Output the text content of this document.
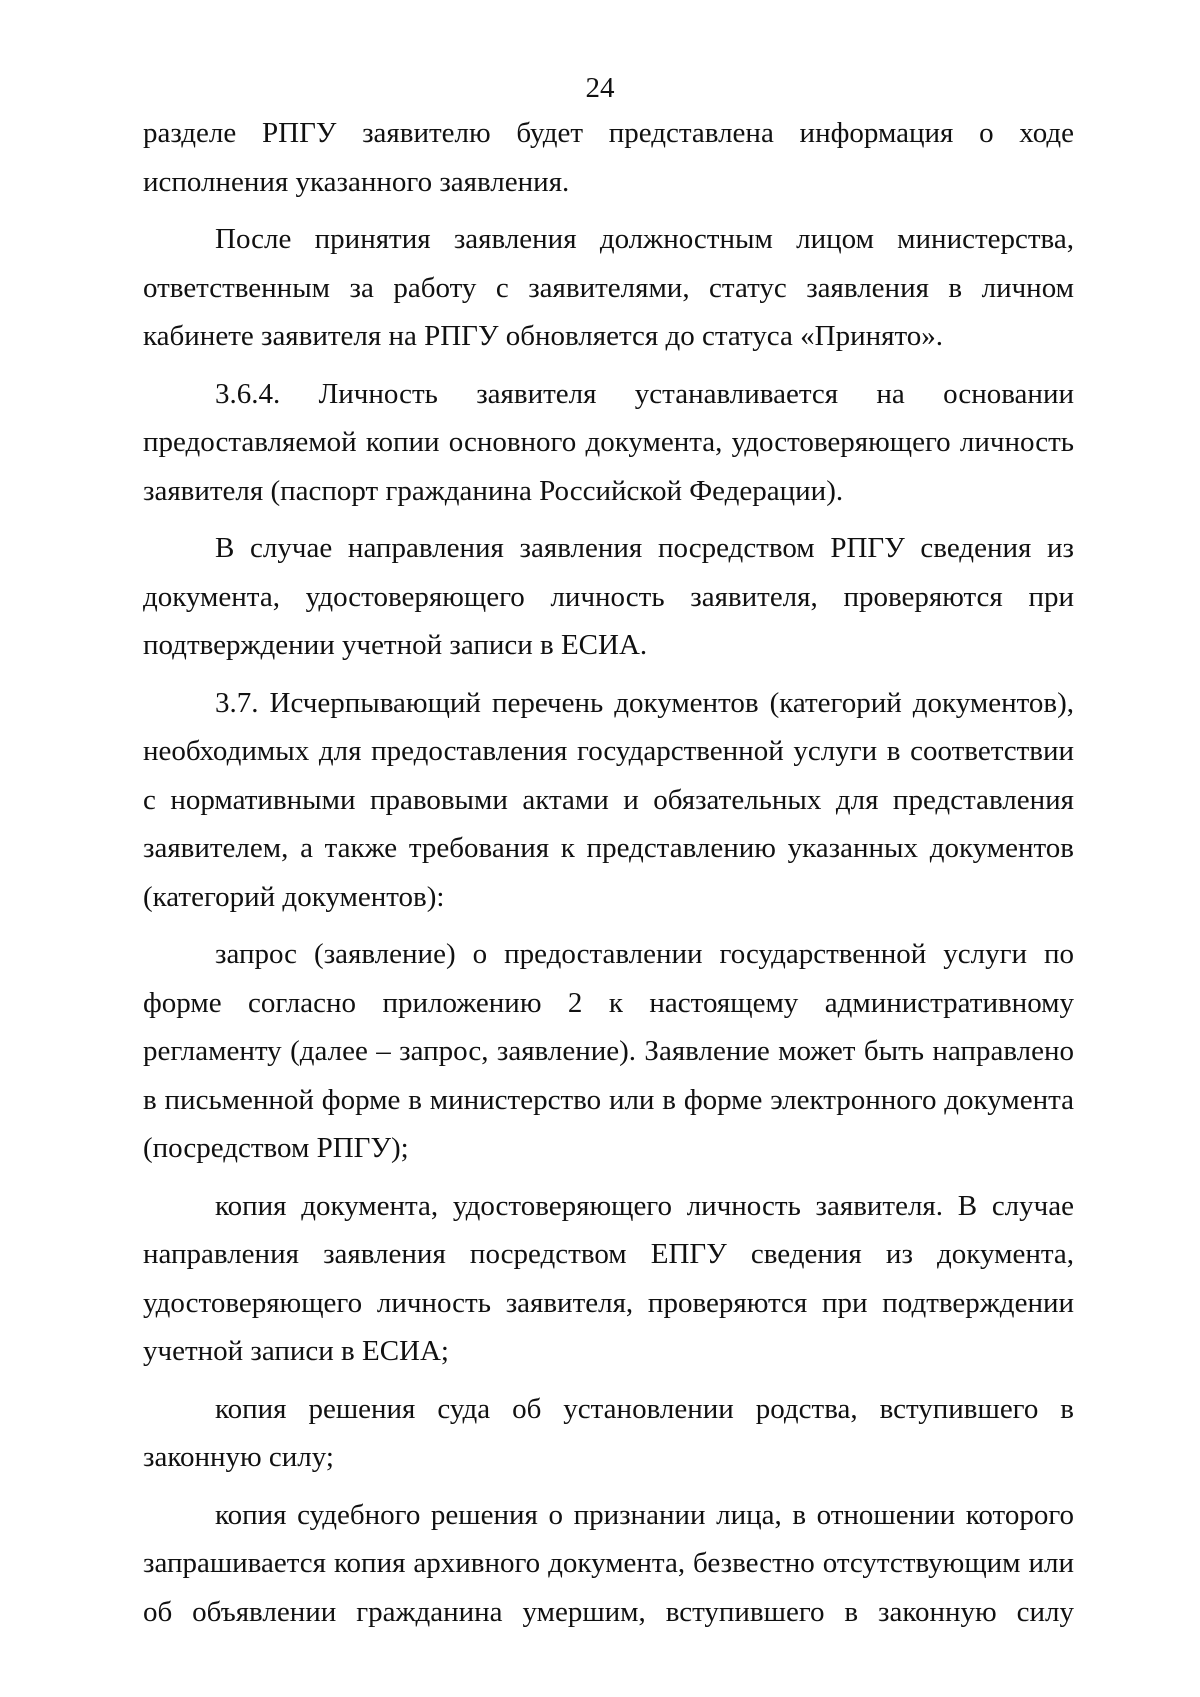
24

разделе РПГУ заявителю будет представлена информация о ходе исполнения указанного заявления.

После принятия заявления должностным лицом министерства, ответственным за работу с заявителями, статус заявления в личном кабинете заявителя на РПГУ обновляется до статуса «Принято».

3.6.4. Личность заявителя устанавливается на основании предоставляемой копии основного документа, удостоверяющего личность заявителя (паспорт гражданина Российской Федерации).

В случае направления заявления посредством РПГУ сведения из документа, удостоверяющего личность заявителя, проверяются при подтверждении учетной записи в ЕСИА.

3.7. Исчерпывающий перечень документов (категорий документов), необходимых для предоставления государственной услуги в соответствии с нормативными правовыми актами и обязательных для представления заявителем, а также требования к представлению указанных документов (категорий документов):

запрос (заявление) о предоставлении государственной услуги по форме согласно приложению 2 к настоящему административному регламенту (далее – запрос, заявление). Заявление может быть направлено в письменной форме в министерство или в форме электронного документа (посредством РПГУ);

копия документа, удостоверяющего личность заявителя. В случае направления заявления посредством ЕПГУ сведения из документа, удостоверяющего личность заявителя, проверяются при подтверждении учетной записи в ЕСИА;

копия решения суда об установлении родства, вступившего в законную силу;

копия судебного решения о признании лица, в отношении которого запрашивается копия архивного документа, безвестно отсутствующим или об объявлении гражданина умершим, вступившего в законную силу
